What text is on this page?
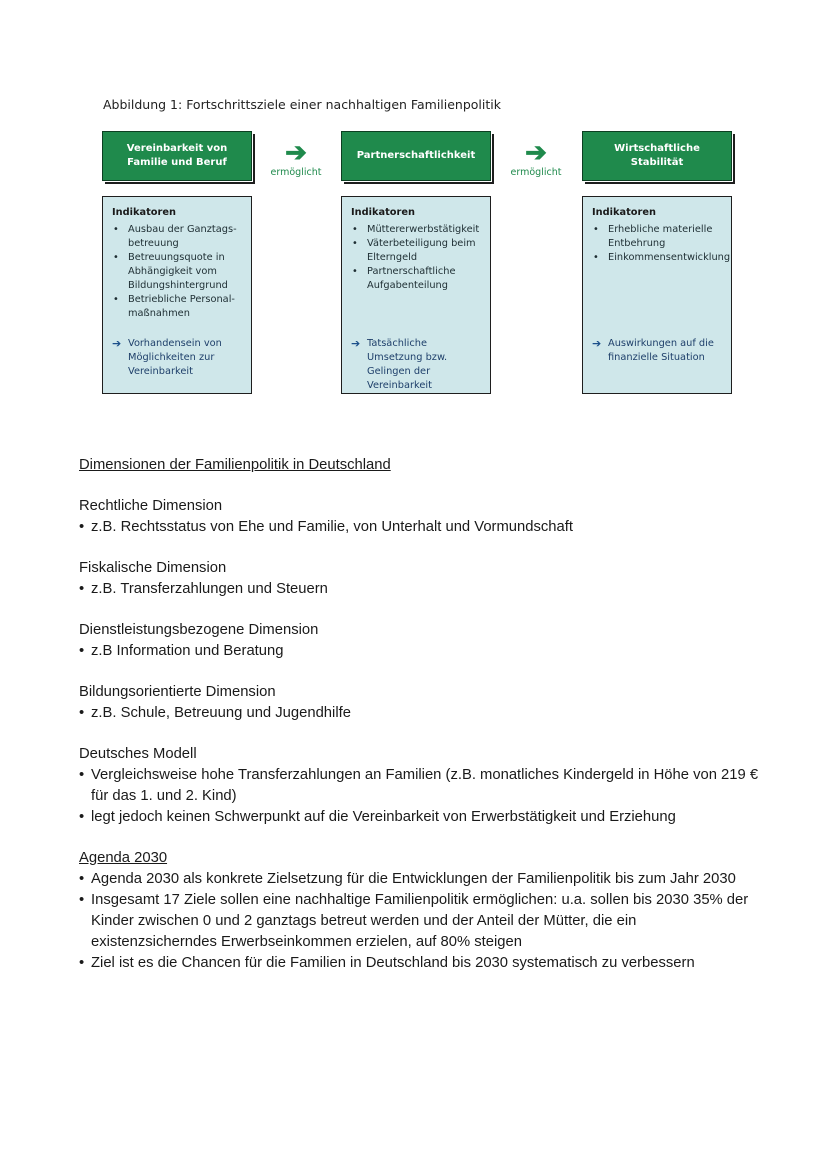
Abbildung 1: Fortschrittsziele einer nachhaltigen Familienpolitik
Vereinbarkeit von Familie und Beruf
Indikatoren
• Ausbau der Ganztags-betreuung
• Betreuungsquote in Abhängigkeit vom Bildungshintergrund
• Betriebliche Personal-maßnahmen
➔ Vorhandensein von Möglichkeiten zur Vereinbarkeit
➔
ermöglicht
Partnerschaftlichkeit
Indikatoren
• Müttererwerbstätigkeit
• Väterbeteiligung beim Elterngeld
• Partnerschaftliche Aufgabenteilung
➔ Tatsächliche Umsetzung bzw. Gelingen der Vereinbarkeit
➔
ermöglicht
Wirtschaftliche Stabilität
Indikatoren
• Erhebliche materielle Entbehrung
• Einkommensentwicklung
➔ Auswirkungen auf die finanzielle Situation
Dimensionen der Familienpolitik in Deutschland
Rechtliche Dimension
• z.B. Rechtsstatus von Ehe und Familie, von Unterhalt und Vormundschaft
Fiskalische Dimension
• z.B. Transferzahlungen und Steuern
Dienstleistungsbezogene Dimension
• z.B Information und Beratung
Bildungsorientierte Dimension
• z.B. Schule, Betreuung und Jugendhilfe
Deutsches Modell
• Vergleichsweise hohe Transferzahlungen an Familien (z.B. monatliches Kindergeld in Höhe von 219 € für das 1. und 2. Kind)
• legt jedoch keinen Schwerpunkt auf die Vereinbarkeit von Erwerbstätigkeit und Erziehung
Agenda 2030
• Agenda 2030 als konkrete Zielsetzung für die Entwicklungen der Familienpolitik bis zum Jahr 2030
• Insgesamt 17 Ziele sollen eine nachhaltige Familienpolitik ermöglichen: u.a. sollen bis 2030 35% der Kinder zwischen 0 und 2 ganztags betreut werden und der Anteil der Mütter, die ein existenzsicherndes Erwerbseinkommen erzielen, auf 80% steigen
• Ziel ist es die Chancen für die Familien in Deutschland bis 2030 systematisch zu verbessern
